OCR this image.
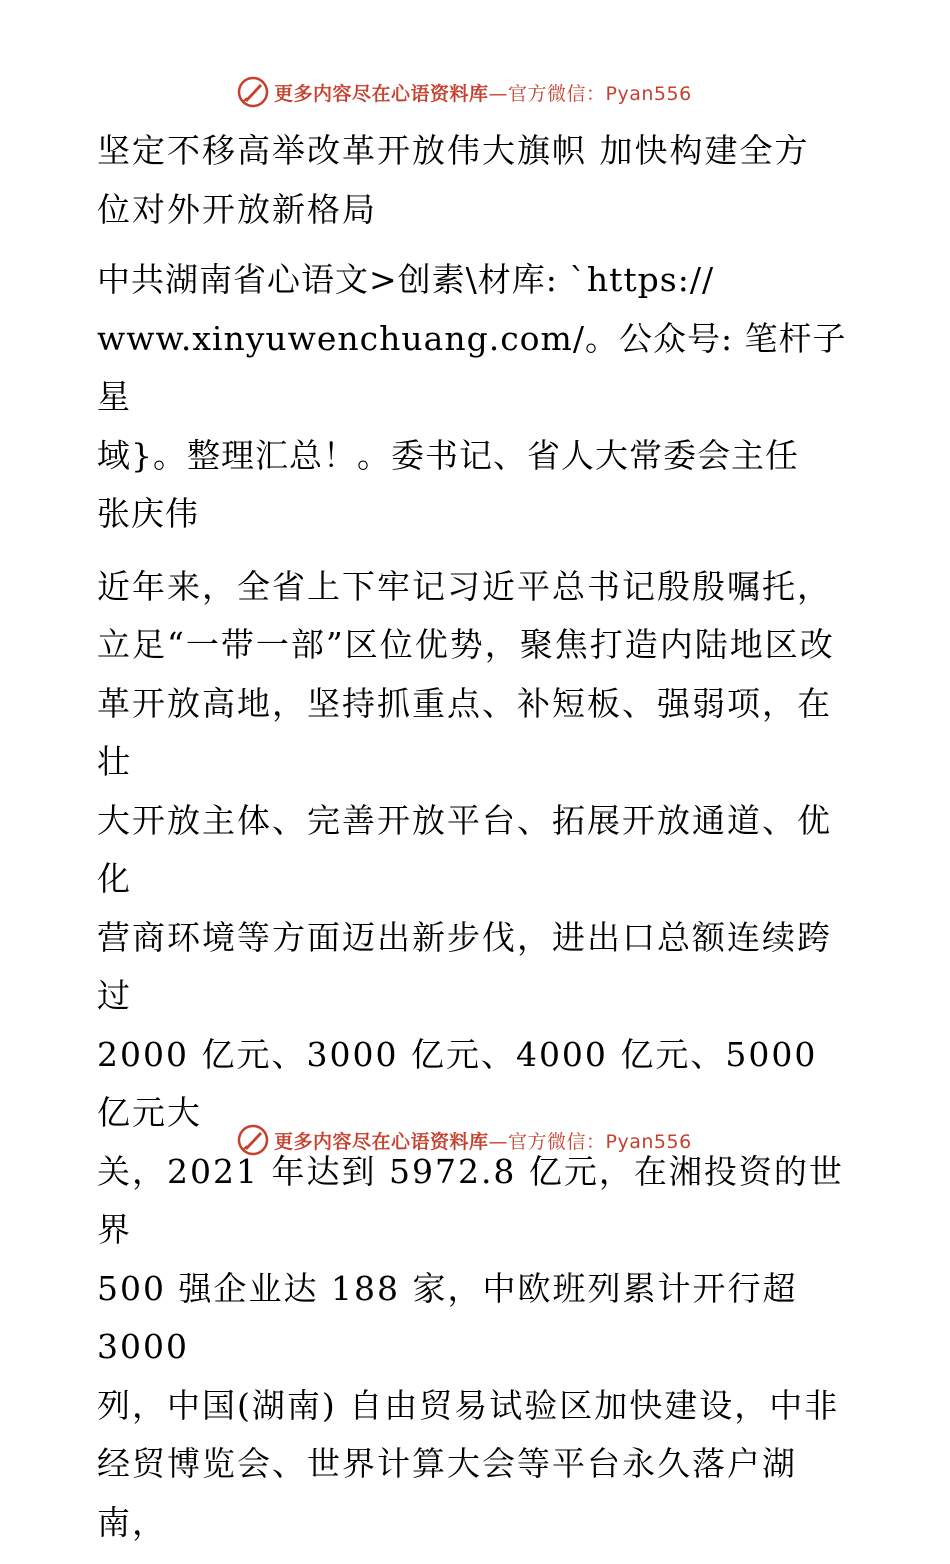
更多内容尽在心语资料库—官方微信：Pyan556

坚定不移高举改革开放伟大旗帜 加快构建全方
位对外开放新格局

中共湖南省心语文>创素\材库: `https://
www.xinyuwenchuang.com/。公众号: 笔杆子星
域}。整理汇总！。委书记、省人大常委会主任
张庆伟

近年来，全省上下牢记习近平总书记殷殷嘱托，
立足“一带一部”区位优势，聚焦打造内陆地区改
革开放高地，坚持抓重点、补短板、强弱项，在壮
大开放主体、完善开放平台、拓展开放通道、优化
营商环境等方面迈出新步伐，进出口总额连续跨过
2000 亿元、3000 亿元、4000 亿元、5000 亿元大
关，2021 年达到 5972.8 亿元，在湘投资的世界
500 强企业达 188 家，中欧班列累计开行超 3000
列，中国(湖南) 自由贸易试验区加快建设，中非
经贸博览会、世界计算大会等平台永久落户湖南，

更多内容尽在心语资料库—官方微信：Pyan556
